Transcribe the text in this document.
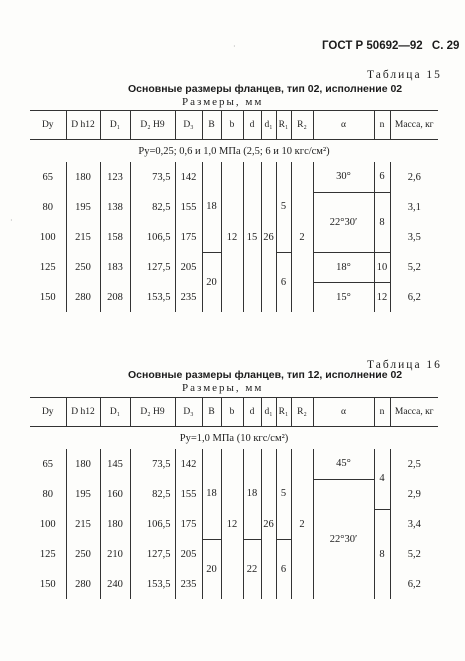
ГОСТ Р 50692—92 С. 29
·
Таблица 15
Основные размеры фланцев, тип 02, исполнение 02
Размеры, мм
Dy	D h12	D₁	D₂ H9	D₃	B	b	d	d₁	R₁	R₂	α	n	Масса, кг
Py=0,25; 0,6 и 1,0 МПа (2,5; 6 и 10 кгс/см²)													
65	180	123	73,5	142	18	12	15	26	5	2	30°	6	2,6
80	195	138	82,5	155							22°30′	8	3,1
100	215	158	106,5	175									3,5
125	250	183	127,5	205	20				6		18°	10	5,2
150	280	208	153,5	235							15°	12	6,2
·
Таблица 16
Основные размеры фланцев, тип 12, исполнение 02
Размеры, мм
Dy	D h12	D₁	D₂ H9	D₃	B	b	d	d₁	R₁	R₂	α	n	Масса, кг
Py=1,0 МПа (10 кгс/см²)													
65	180	145	73,5	142	18	12	18	26	5	2	45°	4	2,5
80	195	160	82,5	155							22°30′		2,9
100	215	180	106,5	175								8	3,4
125	250	210	127,5	205	20		22		6				5,2
150	280	240	153,5	235									6,2
